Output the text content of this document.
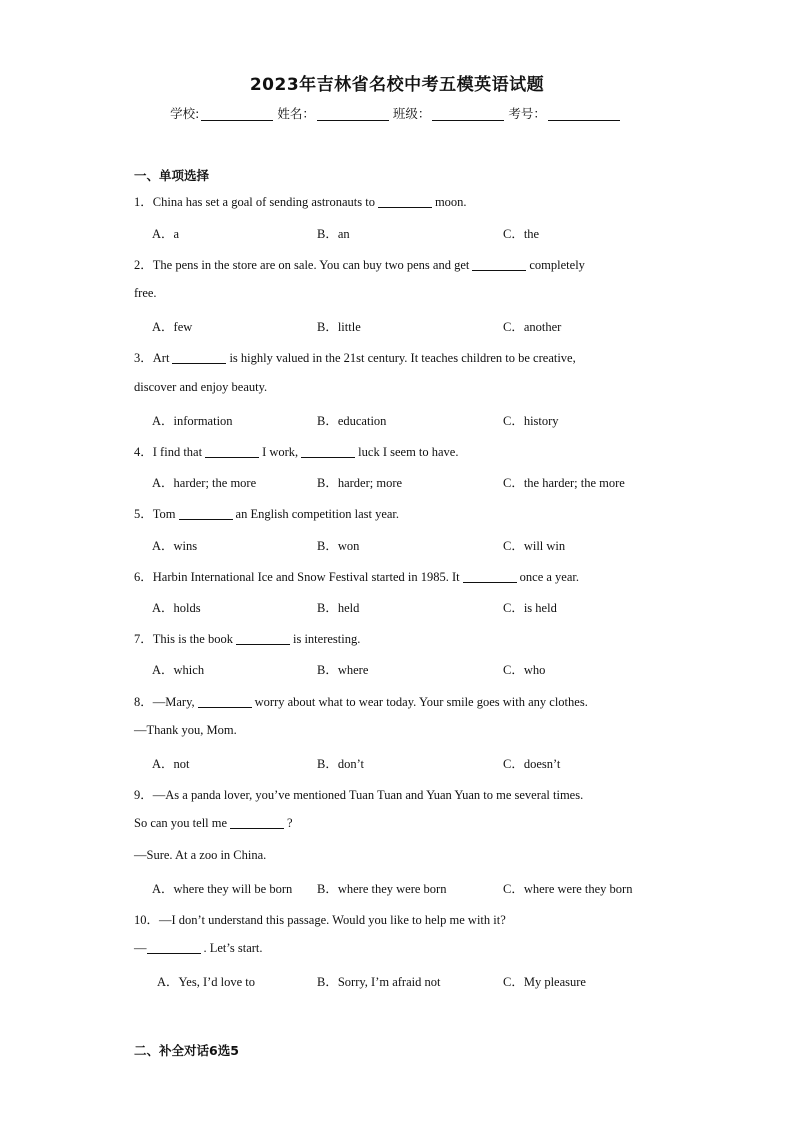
2023年吉林省名校中考五模英语试题
学校:	姓名：	班级：	考号：
一、单项选择
1．China has set a goal of sending astronauts to	moon.
A．a	B．an	C．the
2．The pens in the store are on sale. You can buy two pens and get	completely
free.
A．few	B．little	C．another
3．Art	is highly valued in the 21st century. It teaches children to be creative,
discover and enjoy beauty.
A．information	B．education	C．history
4．I find that	I work,	luck I seem to have.
A．harder; the more	B．harder; more	C．the harder; the more
5．Tom	an English competition last year.
A．wins	B．won	C．will win
6．Harbin International Ice and Snow Festival started in 1985. It	once a year.
A．holds	B．held	C．is held
7．This is the book	is interesting.
A．which	B．where	C．who
8．—Mary,	worry about what to wear today. Your smile goes with any clothes.
—Thank you, Mom.
A．not	B．don’t	C．doesn’t
9．—As a panda lover, you’ve mentioned Tuan Tuan and Yuan Yuan to me several times.
So can you tell me	?
—Sure. At a zoo in China.
A．where they will be born B．where they were born	C．where were they born
10．—I don’t understand this passage. Would you like to help me with it?
—	. Let’s start.
A．Yes, I’d love to	B．Sorry, I’m afraid not	C．My pleasure
二、补全对话6选5
